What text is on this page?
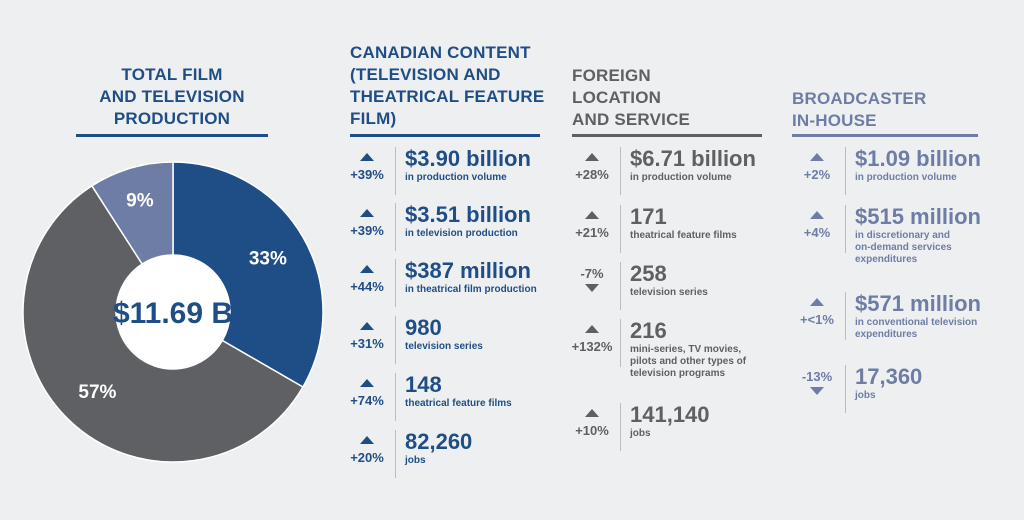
TOTAL FILM
AND TELEVISION
PRODUCTION
33%
57%
9%
$11.69 B
CANADIAN CONTENT
(TELEVISION AND
THEATRICAL FEATURE
FILM)
+39%
$3.90 billion
in production volume
+39%
$3.51 billion
in television production
+44%
$387 million
in theatrical film production
+31%
980
television series
+74%
148
theatrical feature films
+20%
82,260
jobs
FOREIGN
LOCATION
AND SERVICE
+28%
$6.71 billion
in production volume
+21%
171
theatrical feature films
-7%	258
television series
+132%
216
mini-series, TV movies,
pilots and other types of
television programs
+10%
141,140
jobs
BROADCASTER
IN-HOUSE
+2%
$1.09 billion
in production volume
+4%
$515 million
in discretionary and
on-demand services
expenditures
+<1%
$571 million
in conventional television
expenditures
-13%	17,360
jobs
